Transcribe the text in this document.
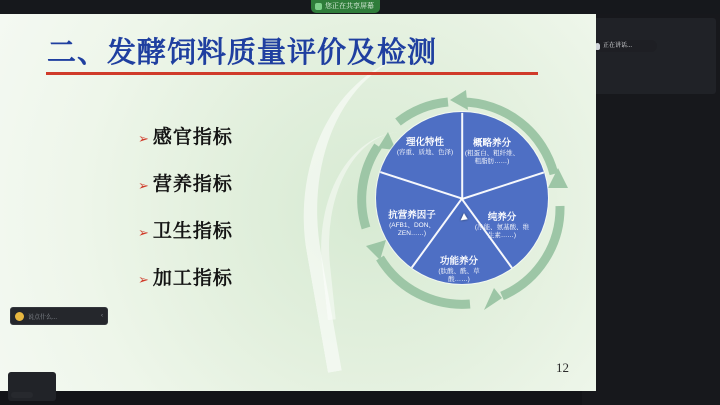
您正在共享屏幕
正在讲话...
二、发酵饲料质量评价及检测
➢ 感官指标
➢ 营养指标
➢ 卫生指标
➢ 加工指标
理化特性
(容重、质地、色泽)
概略养分
(粗蛋白、粗纤维、粗脂肪……)
纯养分
(净能、氨基酸、维生素……)
功能养分
(肽酸、酰、草酸……)
抗营养因子
(AFB1、DON、ZEN……)
12
说点什么...	‹
